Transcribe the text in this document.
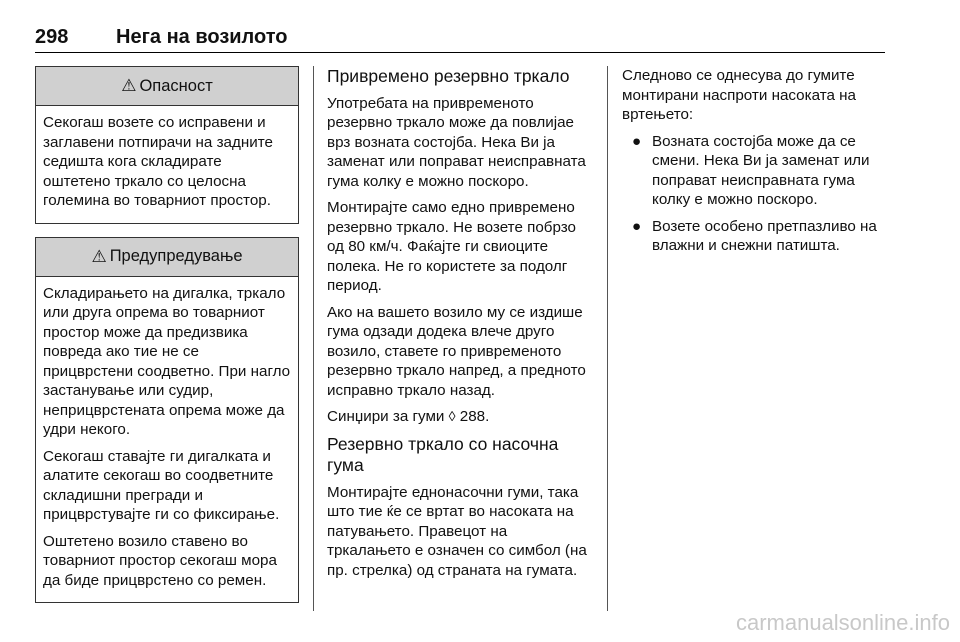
298 Нега на возилото
⚠ Опасност

Секогаш возете со исправени и заглавени потпирачи на задните седишта кога складирате оштетено тркало со целосна големина во товарниот простор.

⚠ Предупредување

Складирањето на дигалка, тркало или друга опрема во товарниот простор може да предизвика повреда ако тие не се прицврстени соодветно. При нагло застанување или судир, неприцврстената опрема може да удри некого.

Секогаш ставајте ги дигалката и алатите секогаш во соодветните складишни прегради и прицврстувајте ги со фиксирање.

Оштетено возило ставено во товарниот простор секогаш мора да биде прицврстено со ремен.

Привремено резервно тркало

Употребата на привременото резервно тркало може да повлијае врз возната состојба. Нека Ви ја заменат или поправат неисправната гума колку е можно поскоро.

Монтирајте само едно привремено резервно тркало. Не возете побрзо од 80 км/ч. Фаќајте ги свиоците полека. Не го користете за подолг период.

Ако на вашето возило му се издише гума одзади додека влече друго возило, ставете го привременото резервно тркало напред, а предното исправно тркало назад.

Синџири за гуми ◊ 288.

Резервно тркало со насочна гума

Монтирајте еднонасочни гуми, така што тие ќе се вртат во насоката на патувањето. Правецот на тркалањето е означен со симбол (на пр. стрелка) од страната на гумата.

Следново се однесува до гумите монтирани наспроти насоката на вртењето:

● Возната состојба може да се смени. Нека Ви ја заменат или поправат неисправната гума колку е можно поскоро.
● Возете особено претпазливо на влажни и снежни патишта.
carmanualsonline.info
